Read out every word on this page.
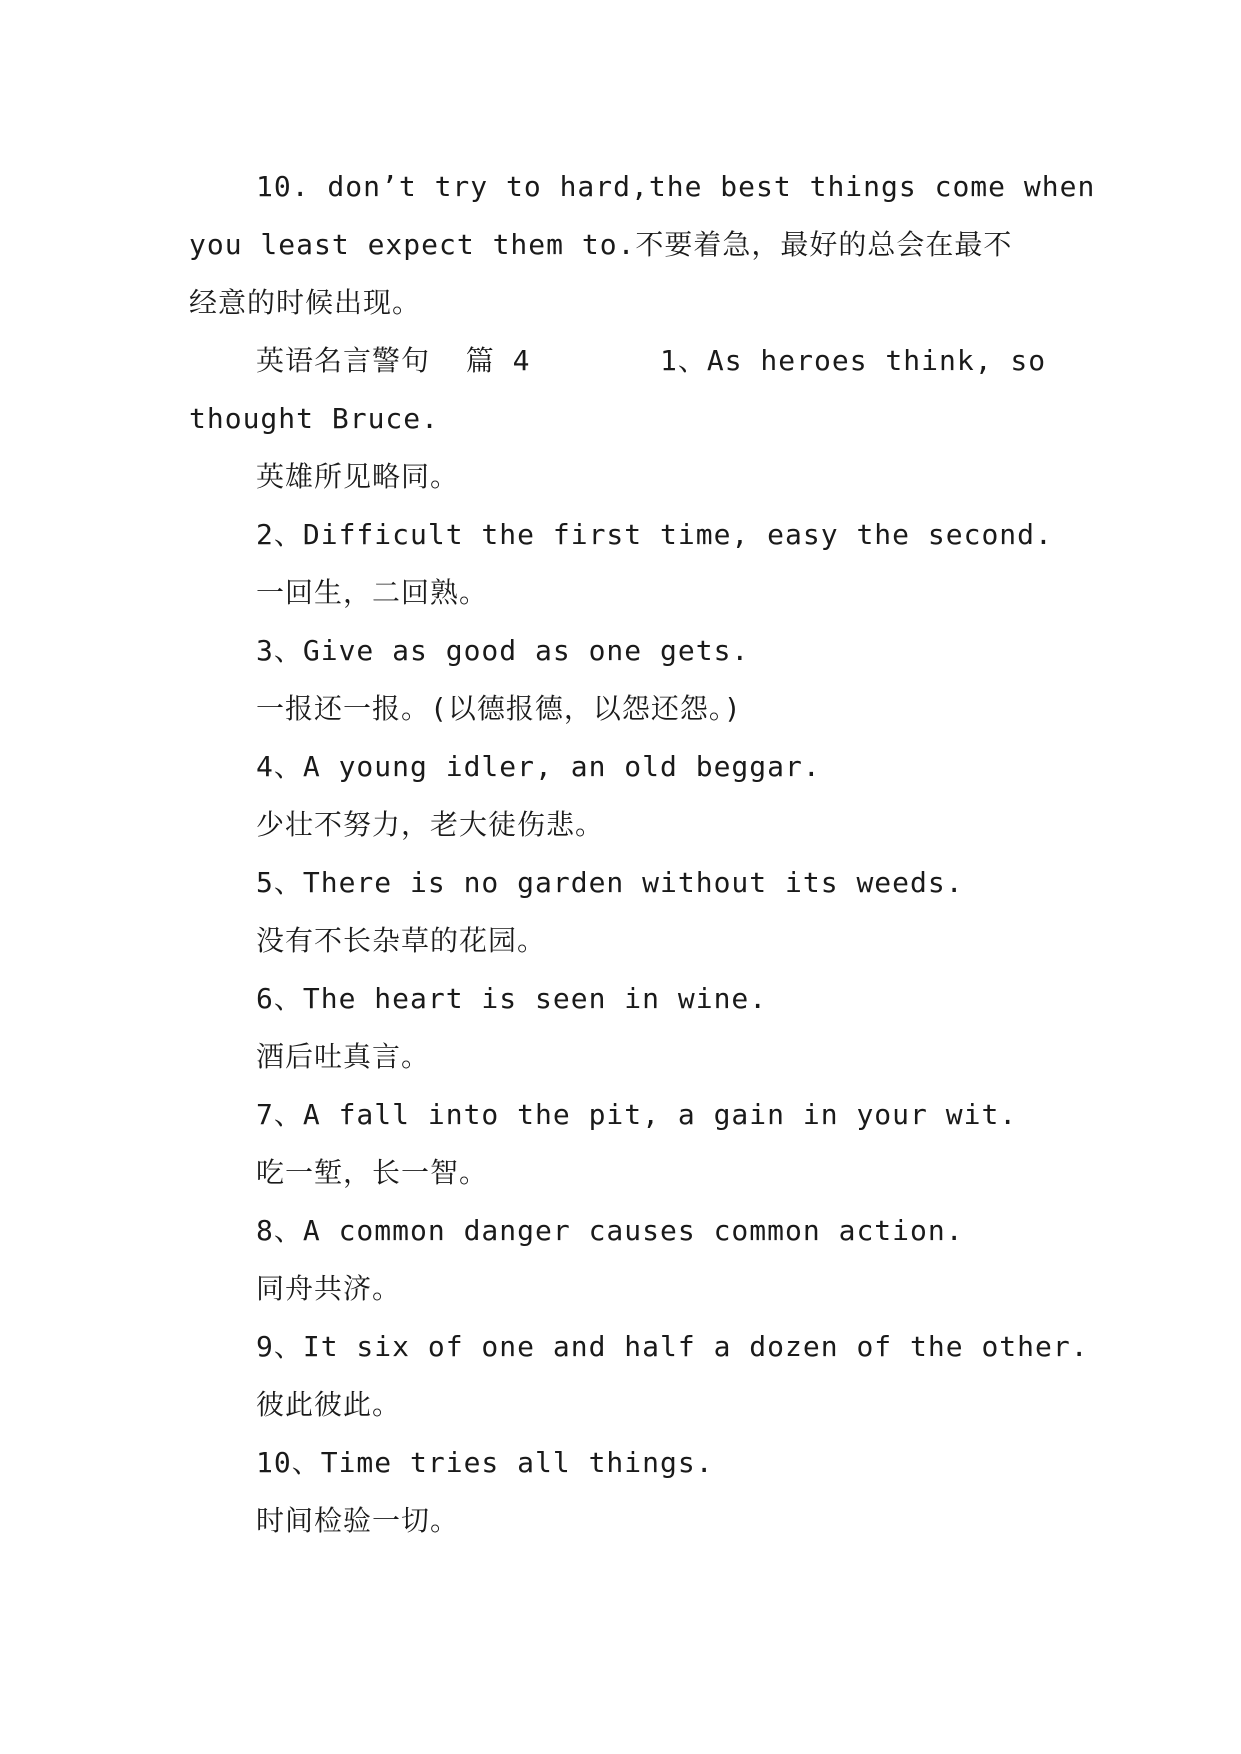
10. don’t try to hard,the best things come when
you least expect them to.不要着急，最好的总会在最不
经意的时候出现。
英语名言警句  篇 4	1、As heroes think, so
thought Bruce.
英雄所见略同。
2、Difficult the first time, easy the second.
一回生，二回熟。
3、Give as good as one gets.
一报还一报。(以德报德，以怨还怨。)
4、A young idler, an old beggar.
少壮不努力，老大徒伤悲。
5、There is no garden without its weeds.
没有不长杂草的花园。
6、The heart is seen in wine.
酒后吐真言。
7、A fall into the pit, a gain in your wit.
吃一堑，长一智。
8、A common danger causes common action.
同舟共济。
9、It six of one and half a dozen of the other.
彼此彼此。
10、Time tries all things.
时间检验一切。
